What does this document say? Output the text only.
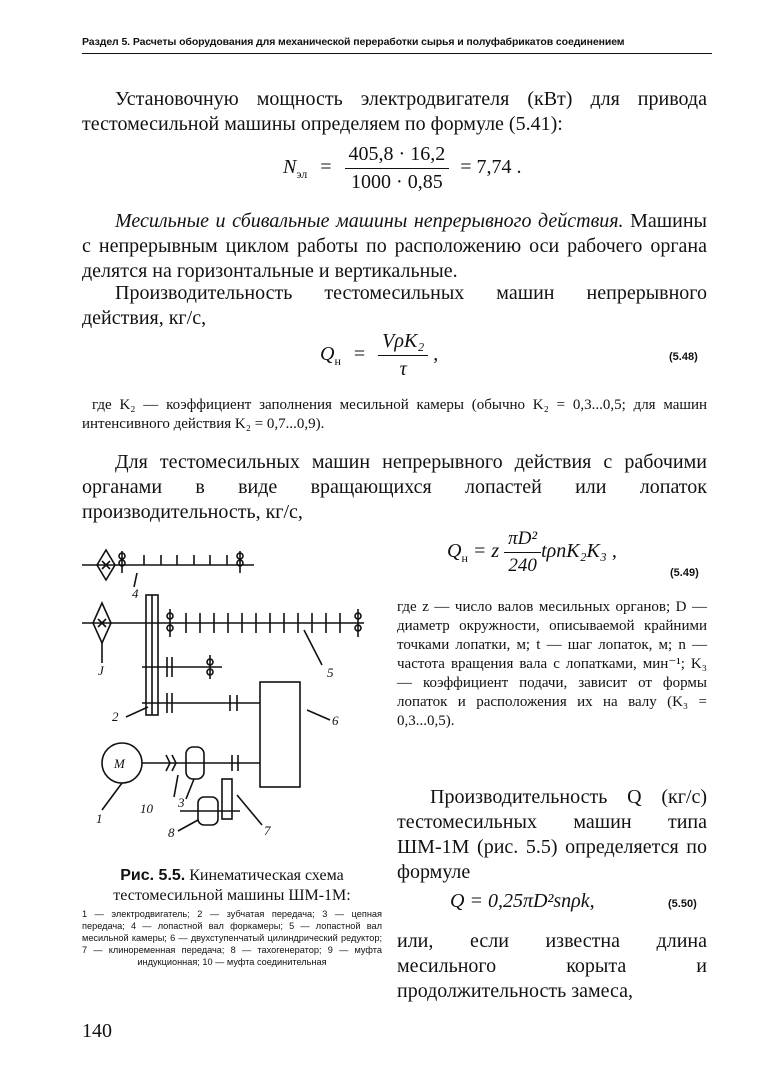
Раздел 5. Расчеты оборудования для механической переработки сырья и полуфабрикатов соединением
Установочную мощность электродвигателя (кВт) для привода тестомесильной машины определяем по формуле (5.41):
$N_{эл} = \frac{405,8 \cdot 16,2}{1000 \cdot 0,85} = 7,74$ .
Месильные и сбивальные машины непрерывного действия. Машины с непрерывным циклом работы по расположению оси рабочего органа делятся на горизонтальные и вертикальные.
Производительность тестомесильных машин непрерывного действия, кг/с,
$Q_н = \frac{\text{VρK₂}}{\tau}$ ,	(5.48)
где K₂ — коэффициент заполнения месильной камеры (обычно K₂ = 0,3...0,5; для машин интенсивного действия K₂ = 0,7...0,9).
Для тестомесильных машин непрерывного действия с рабочими органами в виде вращающихся лопастей или лопаток производительность, кг/с,
$Q_н = z \frac{\text{πD²}}{240} t\rho nK_2K_3$ ,
(5.49)
где z — число валов месильных органов; D — диаметр окружности, описываемой крайними точками лопатки, м; t — шаг лопаток, м; n — частота вращения вала с лопатками, мин⁻¹; K₃ — коэффициент подачи, зависит от формы лопаток и расположения их на валу (K₃ = 0,3...0,5).
Производительность Q (кг/с) тестомесильных машин типа ШМ-1М (рис. 5.5) определяется по формуле
Q = 0,25πD²snρk,	(5.50)
или, если известна длина месильного корыта и продолжительность замеса,
М
1
2
3
4
5
6
7
8
10
J
Рис. 5.5. Кинематическая схема тестомесильной машины ШМ-1М:
1 — электродвигатель; 2 — зубчатая передача; 3 — цепная передача; 4 — лопастной вал форкамеры; 5 — лопастной вал месильной камеры; 6 — двухступенчатый цилиндрический редуктор; 7 — клиноременная передача; 8 — тахогенератор; 9 — муфта индукционная; 10 — муфта соединительная
140
